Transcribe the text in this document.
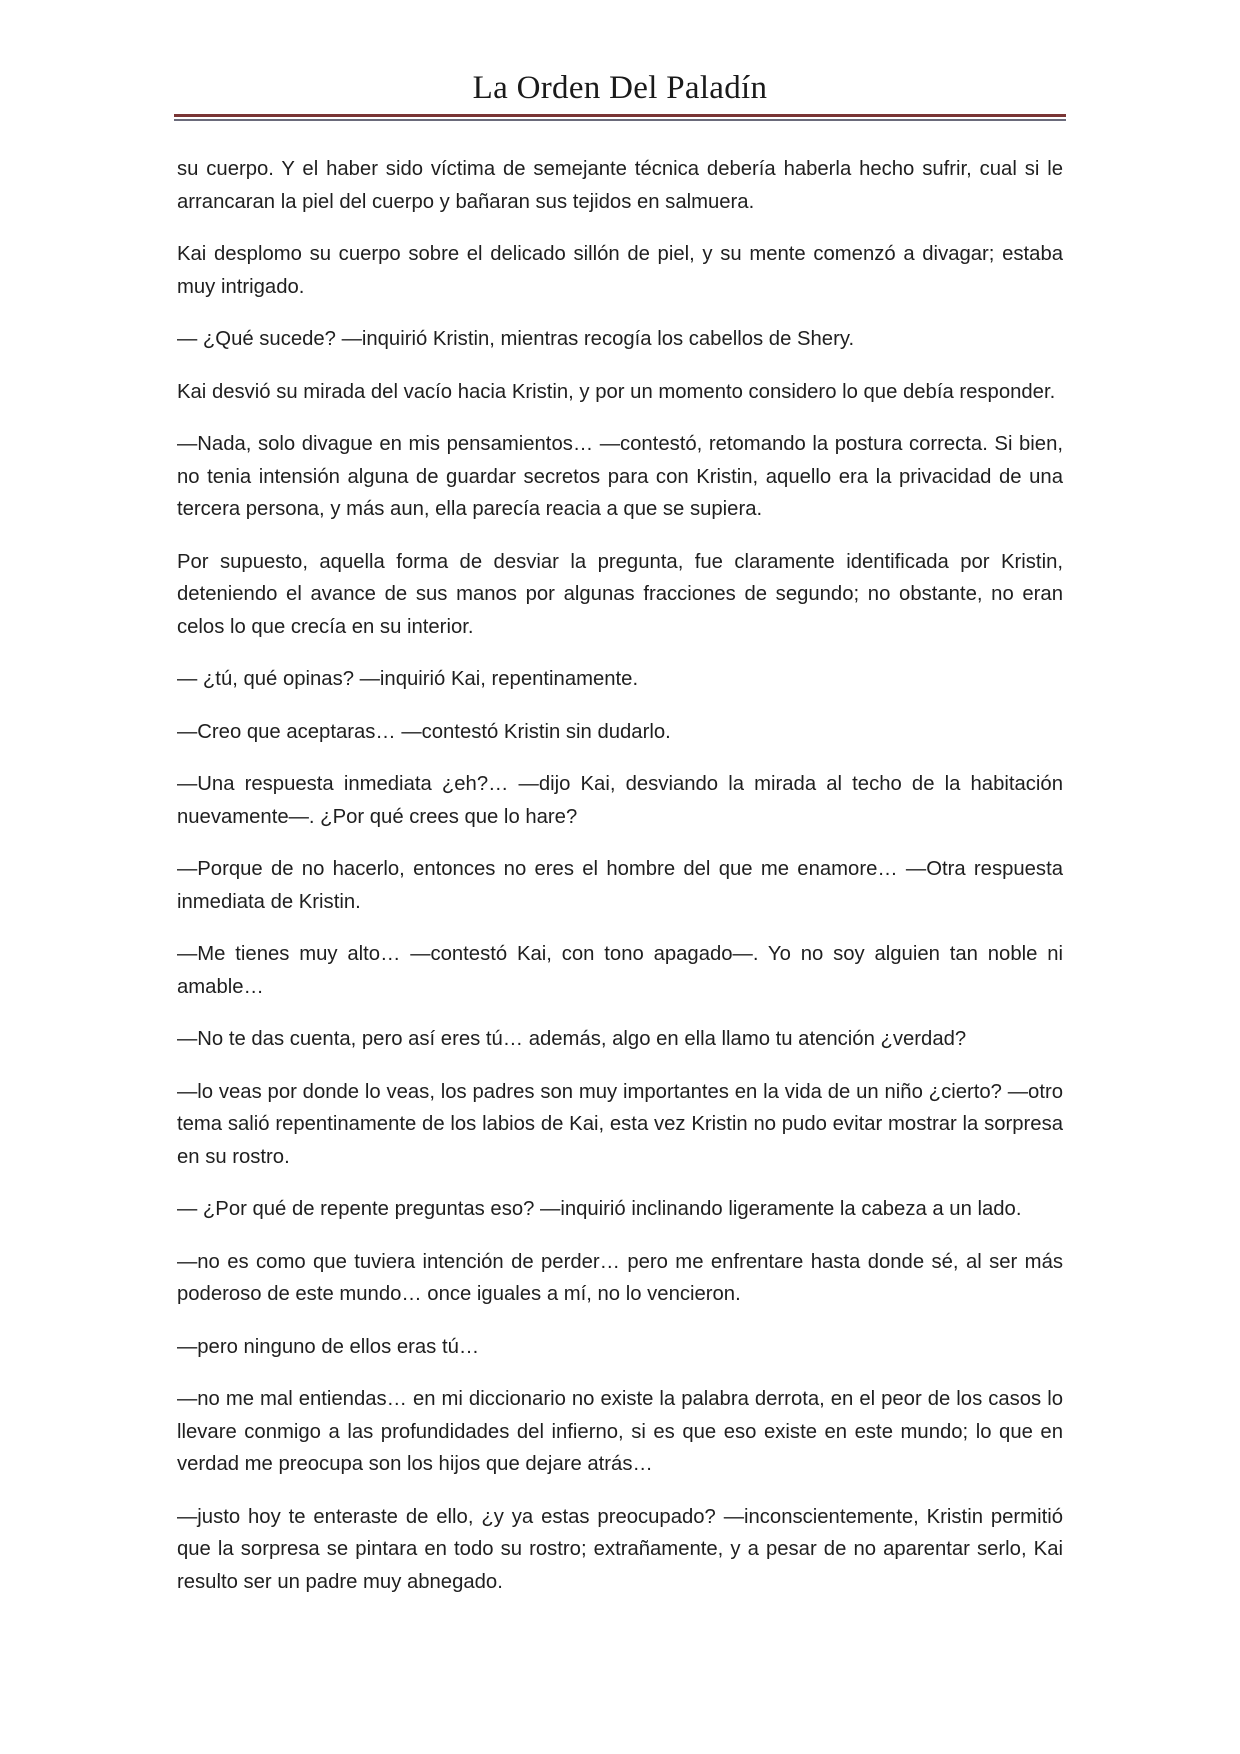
La Orden Del Paladín

su cuerpo. Y el haber sido víctima de semejante técnica debería haberla hecho sufrir, cual si le arrancaran la piel del cuerpo y bañaran sus tejidos en salmuera.

Kai desplomo su cuerpo sobre el delicado sillón de piel, y su mente comenzó a divagar; estaba muy intrigado.

— ¿Qué sucede? —inquirió Kristin, mientras recogía los cabellos de Shery.

Kai desvió su mirada del vacío hacia Kristin, y por un momento considero lo que debía responder.

—Nada, solo divague en mis pensamientos… —contestó, retomando la postura correcta. Si bien, no tenia intensión alguna de guardar secretos para con Kristin, aquello era la privacidad de una tercera persona, y más aun, ella parecía reacia a que se supiera.

Por supuesto, aquella forma de desviar la pregunta, fue claramente identificada por Kristin, deteniendo el avance de sus manos por algunas fracciones de segundo; no obstante, no eran celos lo que crecía en su interior.

— ¿tú, qué opinas? —inquirió Kai, repentinamente.

—Creo que aceptaras… —contestó Kristin sin dudarlo.

—Una respuesta inmediata ¿eh?… —dijo Kai, desviando la mirada al techo de la habitación nuevamente—. ¿Por qué crees que lo hare?

—Porque de no hacerlo, entonces no eres el hombre del que me enamore… —Otra respuesta inmediata de Kristin.

—Me tienes muy alto… —contestó Kai, con tono apagado—. Yo no soy alguien tan noble ni amable…

—No te das cuenta, pero así eres tú… además, algo en ella llamo tu atención ¿verdad?

—lo veas por donde lo veas, los padres son muy importantes en la vida de un niño ¿cierto? —otro tema salió repentinamente de los labios de Kai, esta vez Kristin no pudo evitar mostrar la sorpresa en su rostro.

— ¿Por qué de repente preguntas eso? —inquirió inclinando ligeramente la cabeza a un lado.

—no es como que tuviera intención de perder… pero me enfrentare hasta donde sé, al ser más poderoso de este mundo… once iguales a mí, no lo vencieron.

—pero ninguno de ellos eras tú…

—no me mal entiendas… en mi diccionario no existe la palabra derrota, en el peor de los casos lo llevare conmigo a las profundidades del infierno, si es que eso existe en este mundo; lo que en verdad me preocupa son los hijos que dejare atrás…

—justo hoy te enteraste de ello, ¿y ya estas preocupado? —inconscientemente, Kristin permitió que la sorpresa se pintara en todo su rostro; extrañamente, y a pesar de no aparentar serlo, Kai resulto ser un padre muy abnegado.
